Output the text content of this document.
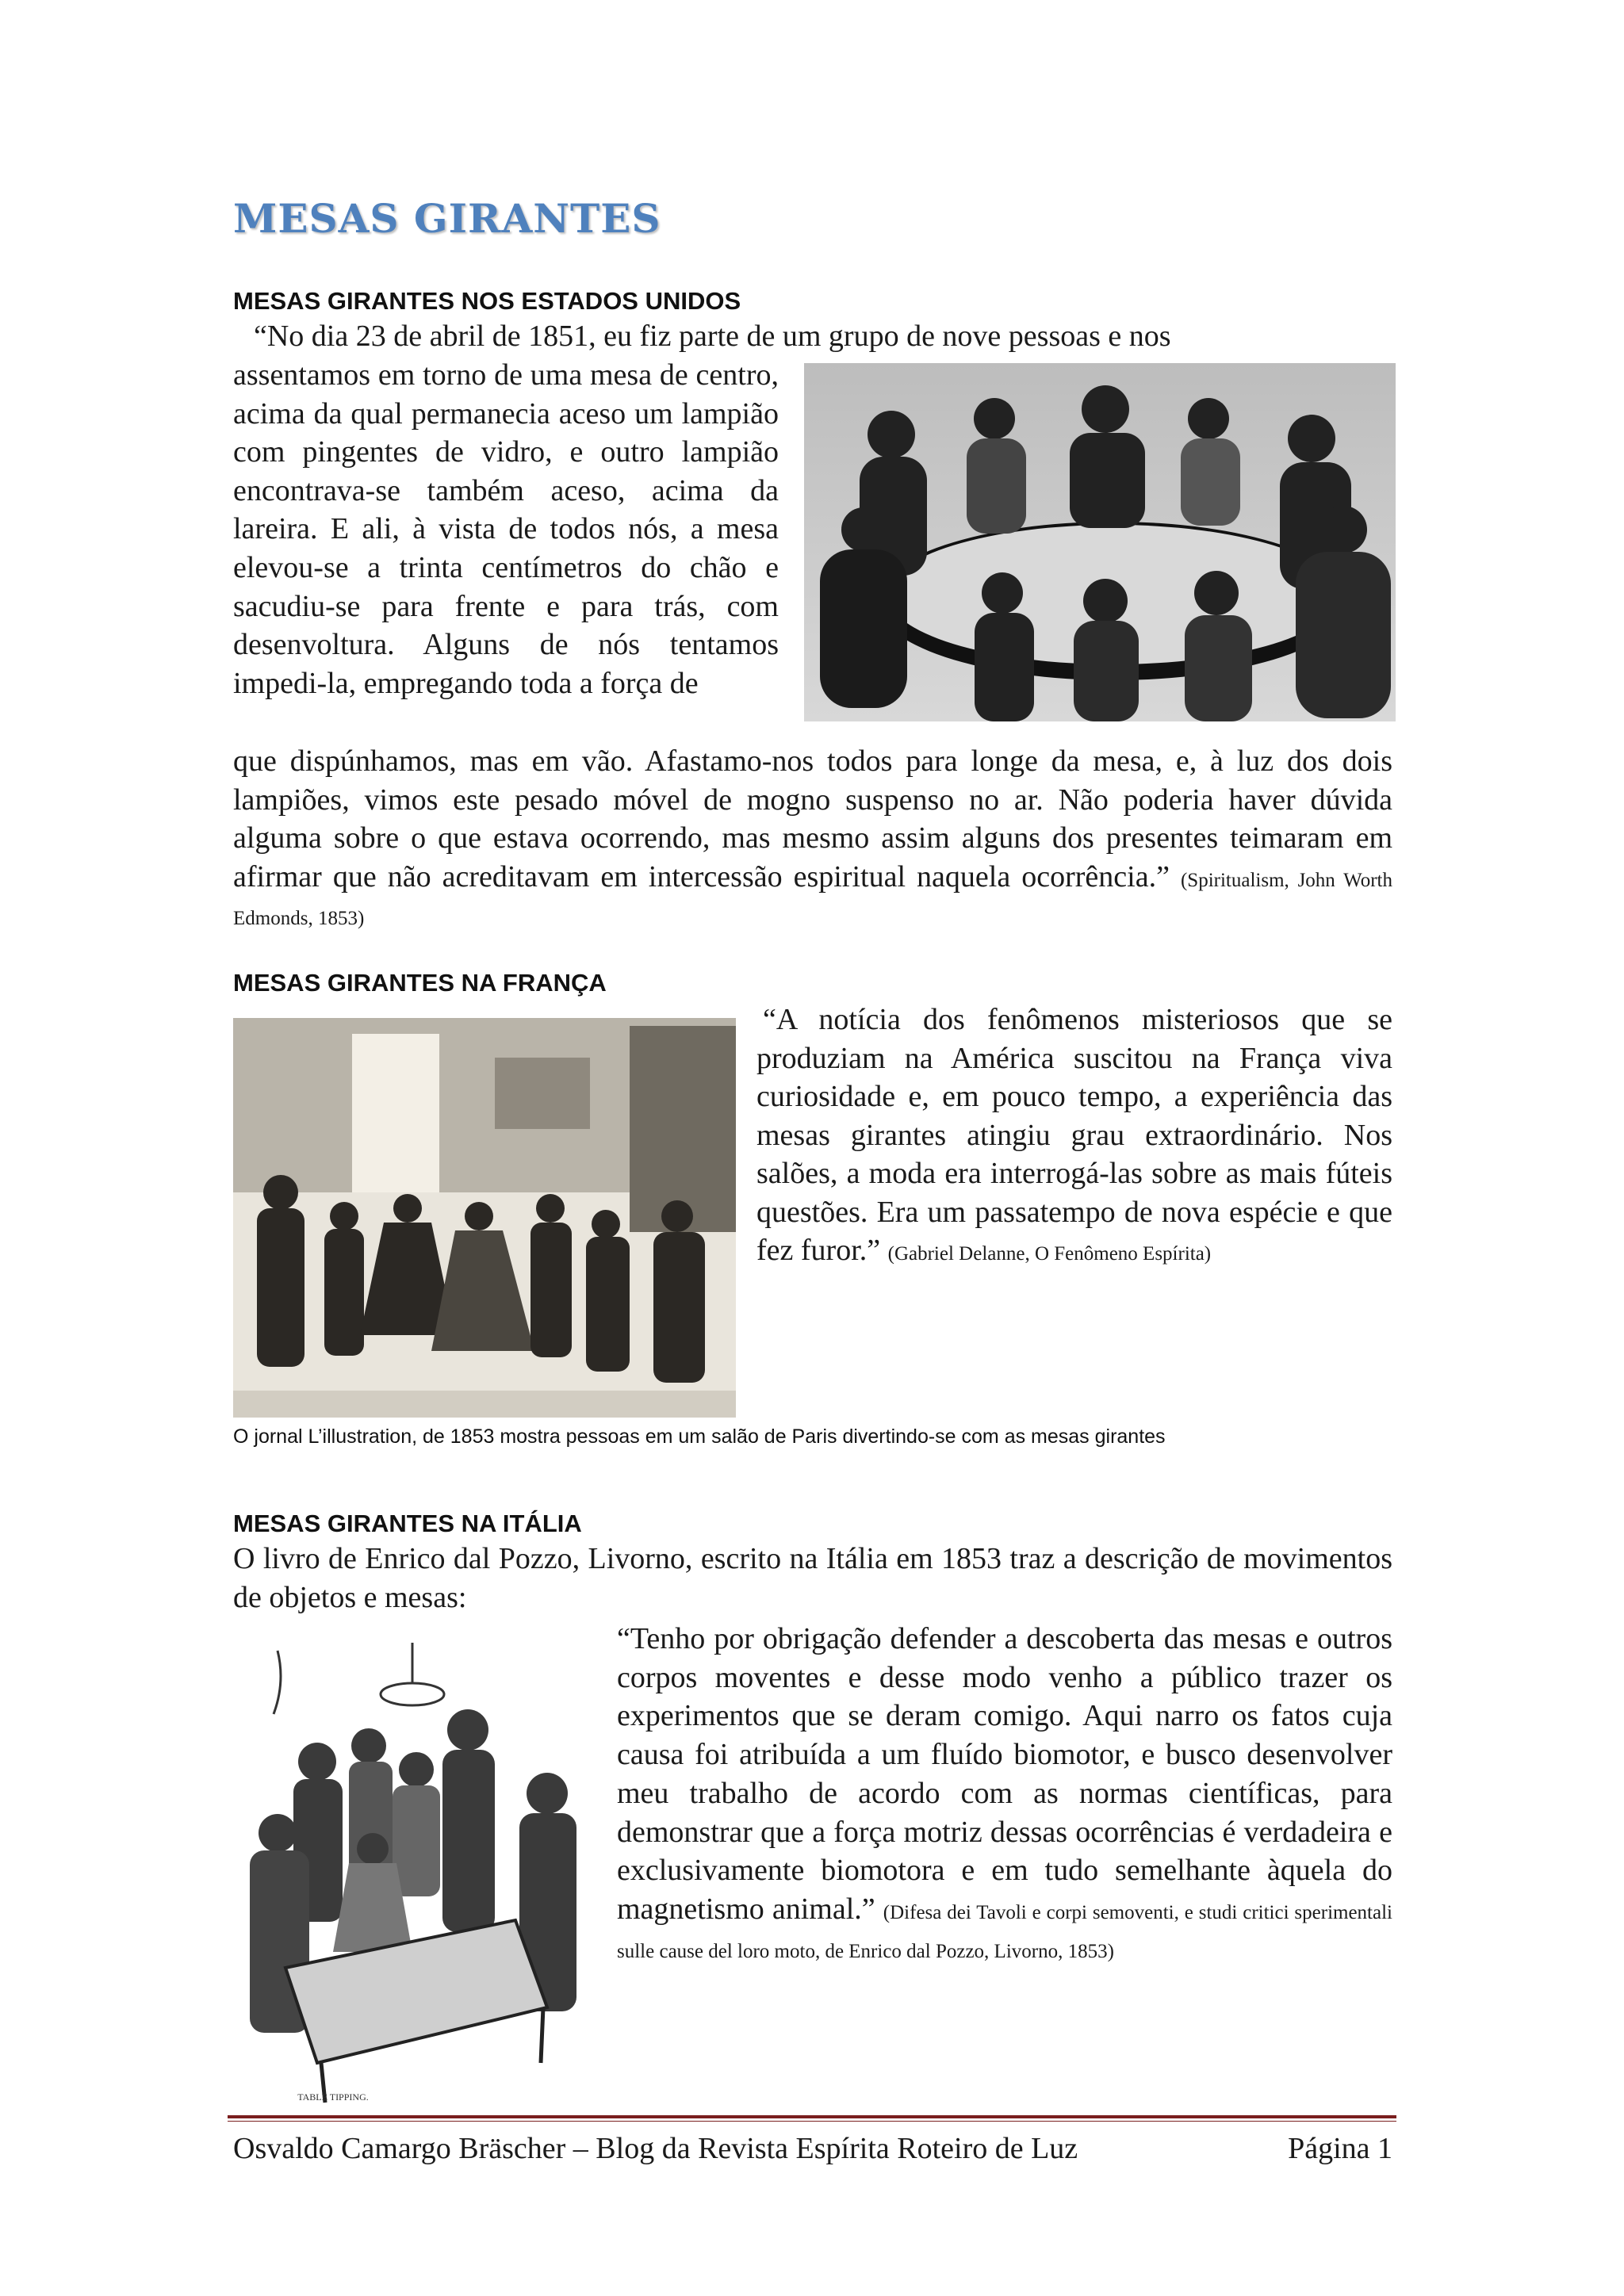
MESAS GIRANTES
MESAS GIRANTES NOS ESTADOS UNIDOS

“No dia 23 de abril de 1851, eu fiz parte de um grupo de nove pessoas e nos

assentamos em torno de uma mesa de centro, acima da qual permanecia aceso um lampião com pingentes de vidro, e outro lampião encontrava-se também aceso, acima da lareira. E ali, à vista de todos nós, a mesa elevou-se a trinta centímetros do chão e sacudiu-se para frente e para trás, com desenvoltura. Alguns de nós tentamos impedi-la, empregando toda a força de

que dispúnhamos, mas em vão. Afastamo-nos todos para longe da mesa, e, à luz dos dois lampiões, vimos este pesado móvel de mogno suspenso no ar. Não poderia haver dúvida alguma sobre o que estava ocorrendo, mas mesmo assim alguns dos presentes teimaram em afirmar que não acreditavam em intercessão espiritual naquela ocorrência.” (Spiritualism, John Worth Edmonds, 1853)

MESAS GIRANTES NA FRANÇA

“A notícia dos fenômenos misteriosos que se produziam na América suscitou na França viva curiosidade e, em pouco tempo, a experiência das mesas girantes atingiu grau extraordinário. Nos salões, a moda era interrogá-las sobre as mais fúteis questões. Era um passatempo de nova espécie e que fez furor.” (Gabriel Delanne, O Fenômeno Espírita)

O jornal L’illustration, de 1853 mostra pessoas em um salão de Paris divertindo-se com as mesas girantes
MESAS GIRANTES NA ITÁLIA

O livro de Enrico dal Pozzo, Livorno, escrito na Itália em 1853 traz a descrição de movimentos de objetos e mesas:

TABLE TIPPING.

“Tenho por obrigação defender a descoberta das mesas e outros corpos moventes e desse modo venho a público trazer os experimentos que se deram comigo. Aqui narro os fatos cuja causa foi atribuída a um fluído biomotor, e busco desenvolver meu trabalho de acordo com as normas científicas, para demonstrar que a força motriz dessas ocorrências é verdadeira e exclusivamente biomotora e em tudo semelhante àquela do magnetismo animal.” (Difesa dei Tavoli e corpi semoventi, e studi critici sperimentali sulle cause del loro moto, de Enrico dal Pozzo, Livorno, 1853)

Osvaldo Camargo Bräscher – Blog da Revista Espírita Roteiro de Luz	Página 1
